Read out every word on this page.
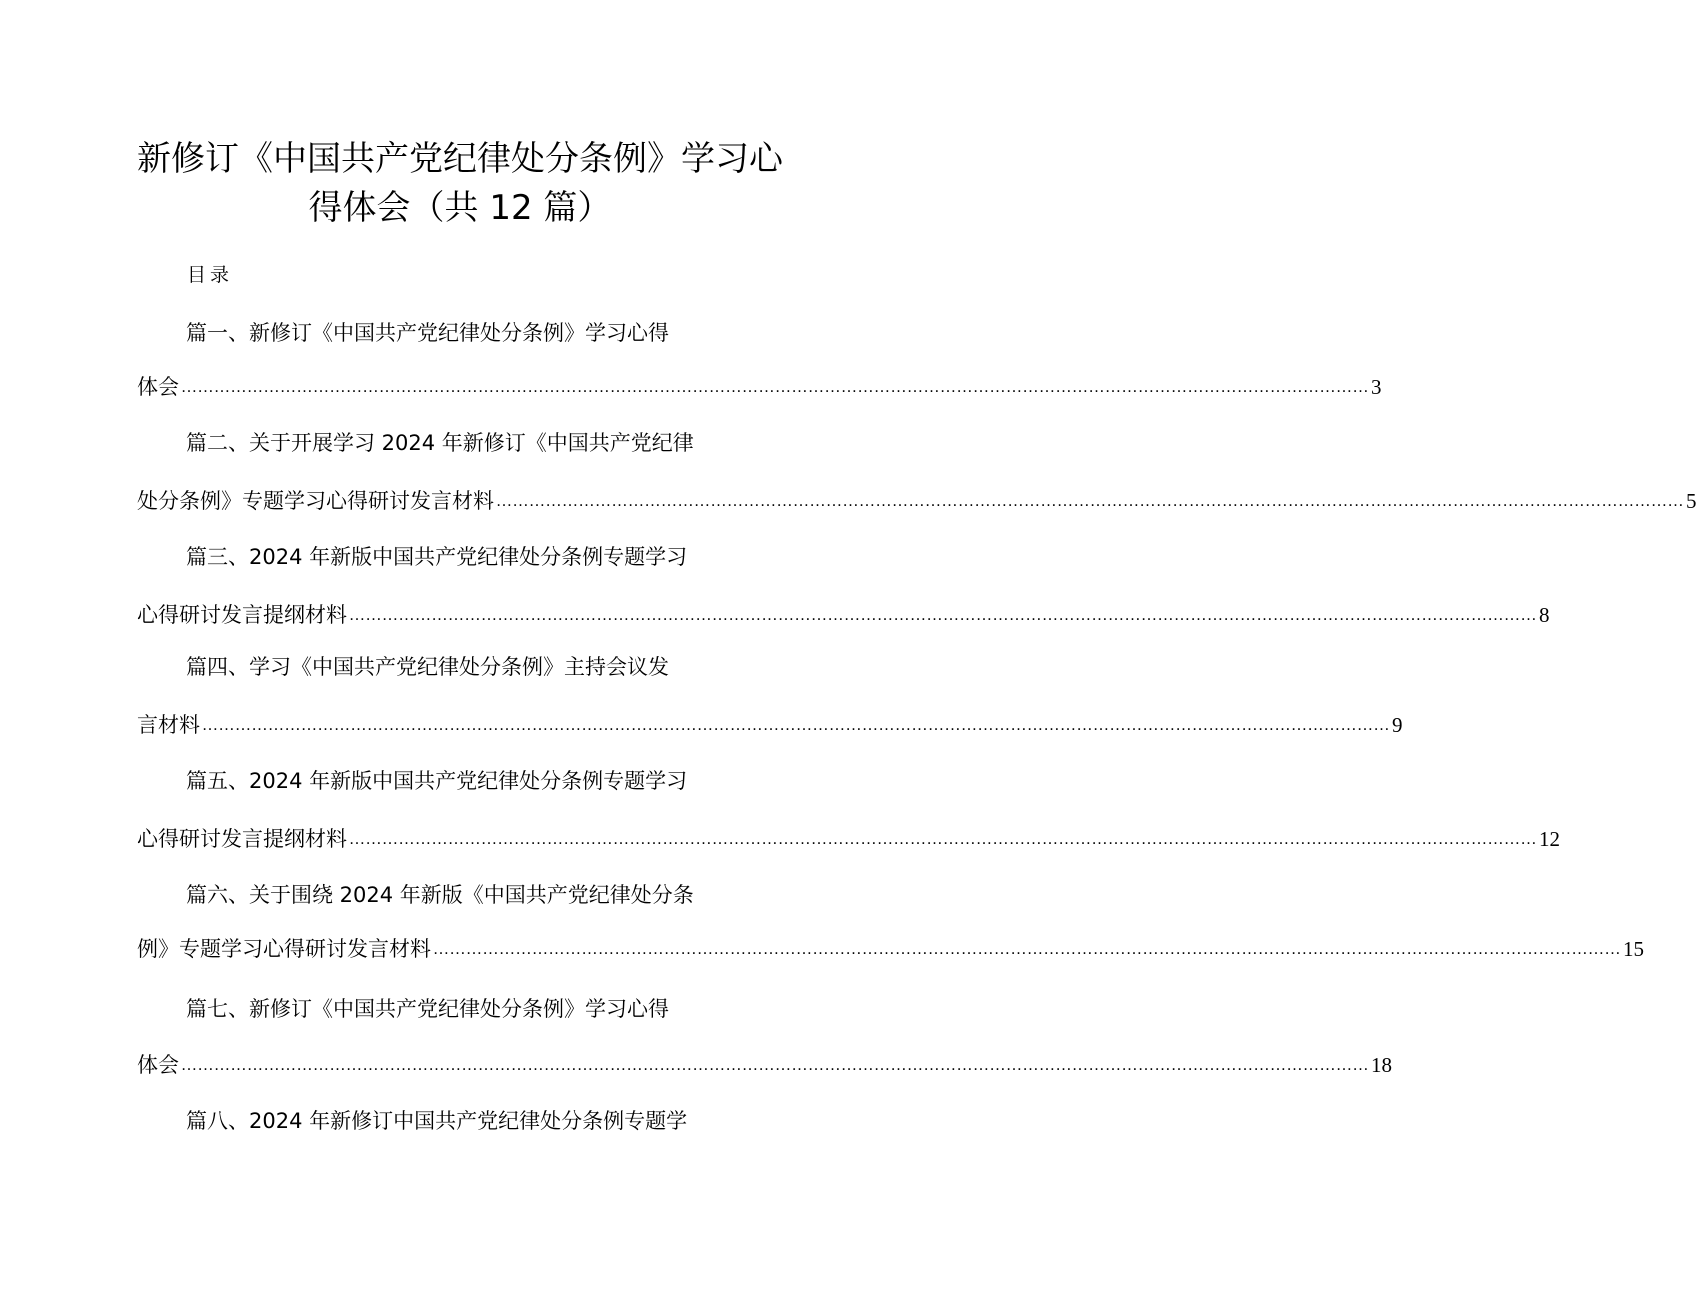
新修订《中国共产党纪律处分条例》学习心
得体会（共 12 篇）
目录
篇一、新修订《中国共产党纪律处分条例》学习心得
体会 ……………………………………………………………………………………………………………………………………………………………………………………………… 3
篇二、关于开展学习 2024 年新修订《中国共产党纪律
处分条例》专题学习心得研讨发言材料 ……………………………………………………………………………………………………………………………………………………………………………………………… 5
篇三、2024 年新版中国共产党纪律处分条例专题学习
心得研讨发言提纲材料 ……………………………………………………………………………………………………………………………………………………………………………………………… 8
篇四、学习《中国共产党纪律处分条例》主持会议发
言材料 ……………………………………………………………………………………………………………………………………………………………………………………………… 9
篇五、2024 年新版中国共产党纪律处分条例专题学习
心得研讨发言提纲材料 ……………………………………………………………………………………………………………………………………………………………………………………………… 12
篇六、关于围绕 2024 年新版《中国共产党纪律处分条
例》专题学习心得研讨发言材料 ……………………………………………………………………………………………………………………………………………………………………………………………… 15
篇七、新修订《中国共产党纪律处分条例》学习心得
体会 ……………………………………………………………………………………………………………………………………………………………………………………………… 18
篇八、2024 年新修订中国共产党纪律处分条例专题学
